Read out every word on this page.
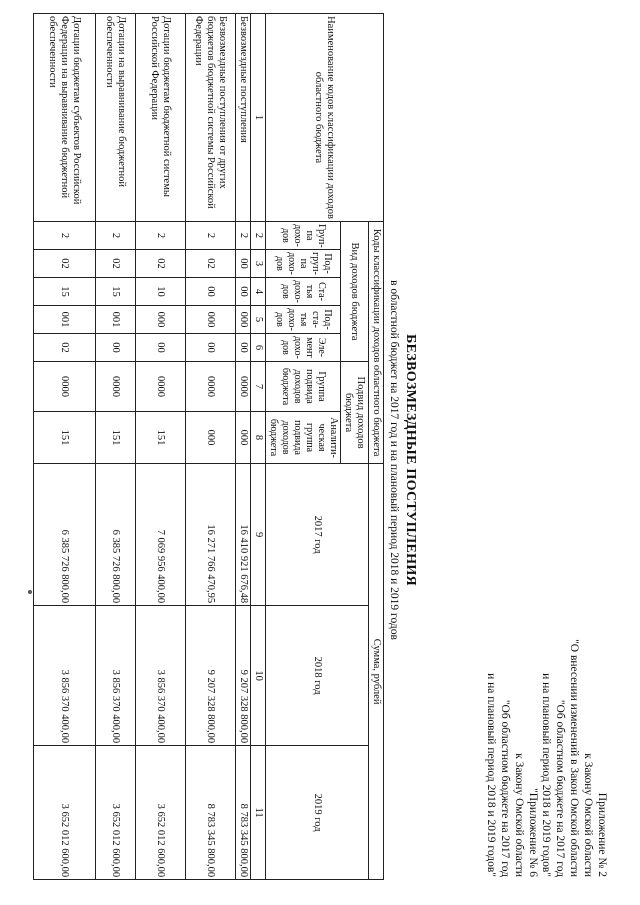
Приложение № 2
к Закону Омской области
"О внесении изменений в Закон Омской области
"Об областном бюджете на 2017 год
и на плановый период 2018 и 2019 годов"
"Приложение № 6
к Закону Омской области
"Об областном бюджете на 2017 год
и на плановый период 2018 и 2019 годов"
БЕЗВОЗМЕЗДНЫЕ ПОСТУПЛЕНИЯ
в областной бюджет на 2017 год и на плановый период 2018 и 2019 годов
Наименование кодов классификации доходов областного бюджета	Коды классификации доходов областного бюджета							Сумма, рублей		
	Вид доходов бюджета					Подвид доходов бюджета		2017 год	2018 год	2019 год
	Груп-па дохо-дов	Под-груп-па дохо-дов	Ста-тья дохо-дов	Под-ста-тья дохо-дов	Эле-мент дохо-дов	Группа подвида доходов бюджета	Аналити-ческая группа подвида доходов бюджета			
1	2	3	4	5	6	7	8	9	10	11
Безвозмездные поступления	2	00	00	000	00	0000	000	16 410 921 676,48	9 207 328 800,00	8 783 345 800,00
Безвозмездные поступления от других бюджетов бюджетной системы Российской Федерации	2	02	00	000	00	0000	000	16 271 766 470,95	9 207 328 800,00	8 783 345 800,00
Дотации бюджетам бюджетной системы Российской Федерации	2	02	10	000	00	0000	151	7 069 956 400,00	3 856 370 400,00	3 652 012 600,00
Дотации на выравнивание бюджетной обеспеченности	2	02	15	001	00	0000	151	6 385 726 800,00	3 856 370 400,00	3 652 012 600,00
Дотации бюджетам субъектов Российской Федерации на выравнивание бюджетной обеспеченности	2	02	15	001	02	0000	151	6 385 726 800,00	3 856 370 400,00	3 652 012 600,00
